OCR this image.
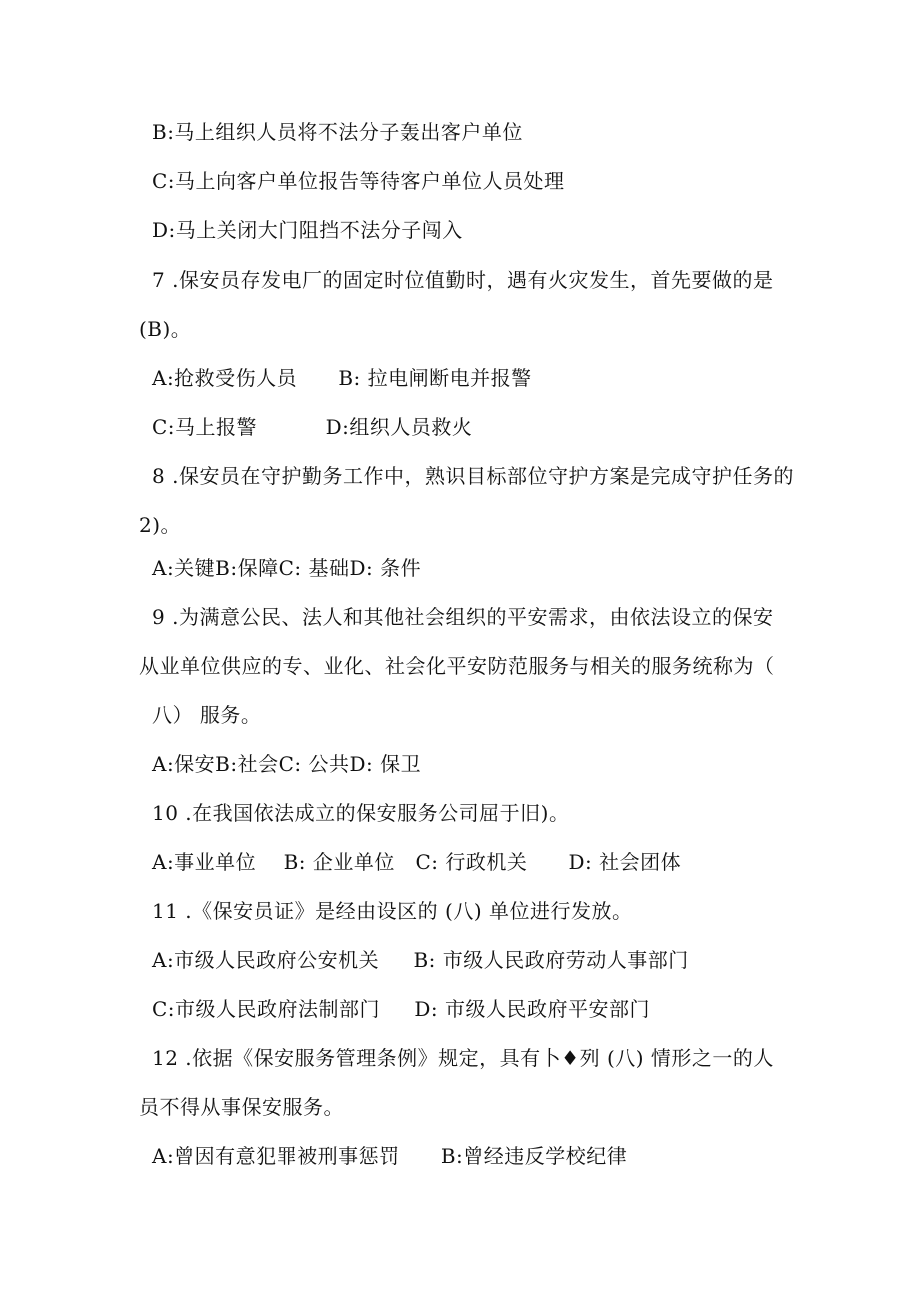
B:马上组织人员将不法分子轰出客户单位
C:马上向客户单位报告等待客户单位人员处理
D:马上关闭大门阻挡不法分子闯入
7 .保安员存发电厂的固定时位值勤时，遇有火灾发生，首先要做的是
(B)。
A:抢救受伤人员      B: 拉电闸断电并报警
C:马上报警          D:组织人员救火
8 .保安员在守护勤务工作中，熟识目标部位守护方案是完成守护任务的
2)。
A:关键B:保障C: 基础D: 条件
9 .为满意公民、法人和其他社会组织的平安需求，由依法设立的保安
从业单位供应的专、业化、社会化平安防范服务与相关的服务统称为（
八） 服务。
A:保安B:社会C: 公共D: 保卫
10 .在我国依法成立的保安服务公司屈于旧)。
A:事业单位    B: 企业单位   C: 行政机关      D: 社会团体
11 .《保安员证》是经由设区的 (八) 单位进行发放。
A:市级人民政府公安机关     B: 市级人民政府劳动人事部门
C:市级人民政府法制部门     D: 市级人民政府平安部门
12 .依据《保安服务管理条例》规定，具有卜♦列 (八) 情形之一的人
员不得从事保安服务。
A:曾因有意犯罪被刑事惩罚      B:曾经违反学校纪律
